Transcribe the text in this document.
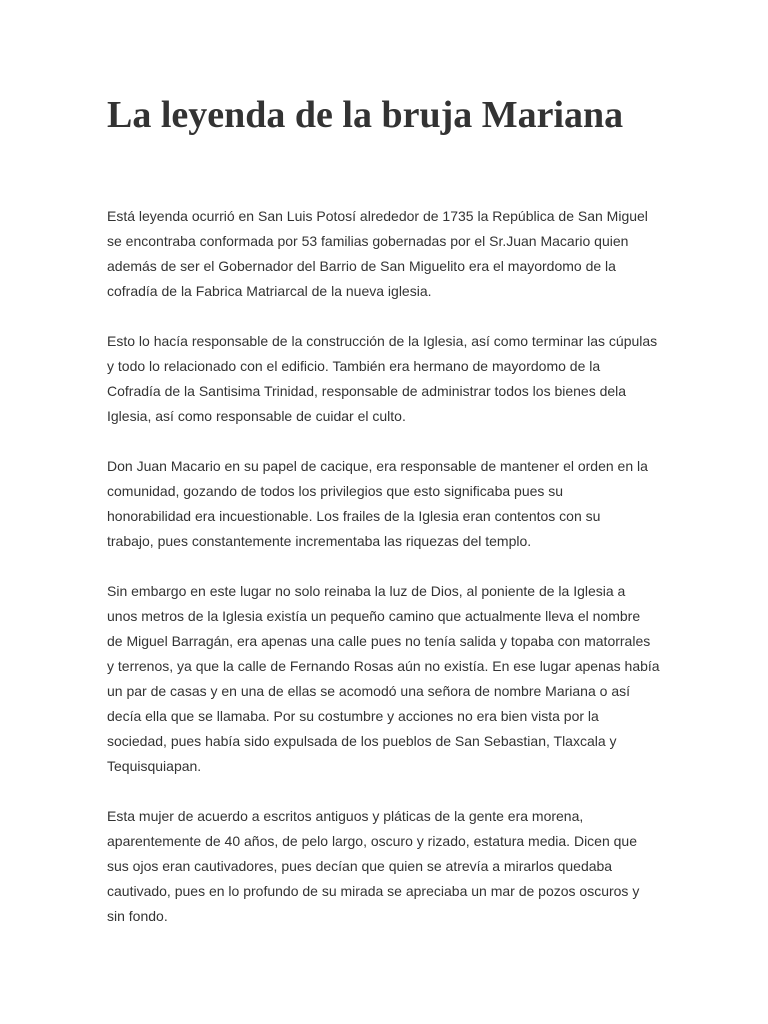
La leyenda de la bruja Mariana

Está leyenda ocurrió en San Luis Potosí alrededor de 1735 la República de San Miguel
se encontraba conformada por 53 familias gobernadas por el Sr.Juan Macario quien
además de ser el Gobernador del Barrio de San Miguelito era el mayordomo de la
cofradía de la Fabrica Matriarcal de la nueva iglesia.

Esto lo hacía responsable de la construcción de la Iglesia, así como terminar las cúpulas
y todo lo relacionado con el edificio. También era hermano de mayordomo de la
Cofradía de la Santisima Trinidad, responsable de administrar todos los bienes dela
Iglesia, así como responsable de cuidar el culto.

Don Juan Macario en su papel de cacique, era responsable de mantener el orden en la
comunidad, gozando de todos los privilegios que esto significaba pues su
honorabilidad era incuestionable. Los frailes de la Iglesia eran contentos con su
trabajo, pues constantemente incrementaba las riquezas del templo.

Sin embargo en este lugar no solo reinaba la luz de Dios, al poniente de la Iglesia a
unos metros de la Iglesia existía un pequeño camino que actualmente lleva el nombre
de Miguel Barragán, era apenas una calle pues no tenía salida y topaba con matorrales
y terrenos, ya que la calle de Fernando Rosas aún no existía. En ese lugar apenas había
un par de casas y en una de ellas se acomodó una señora de nombre Mariana o así
decía ella que se llamaba. Por su costumbre y acciones no era bien vista por la
sociedad, pues había sido expulsada de los pueblos de San Sebastian, Tlaxcala y
Tequisquiapan.

Esta mujer de acuerdo a escritos antiguos y pláticas de la gente era morena,
aparentemente de 40 años, de pelo largo, oscuro y rizado, estatura media. Dicen que
sus ojos eran cautivadores, pues decían que quien se atrevía a mirarlos quedaba
cautivado, pues en lo profundo de su mirada se apreciaba un mar de pozos oscuros y
sin fondo.
